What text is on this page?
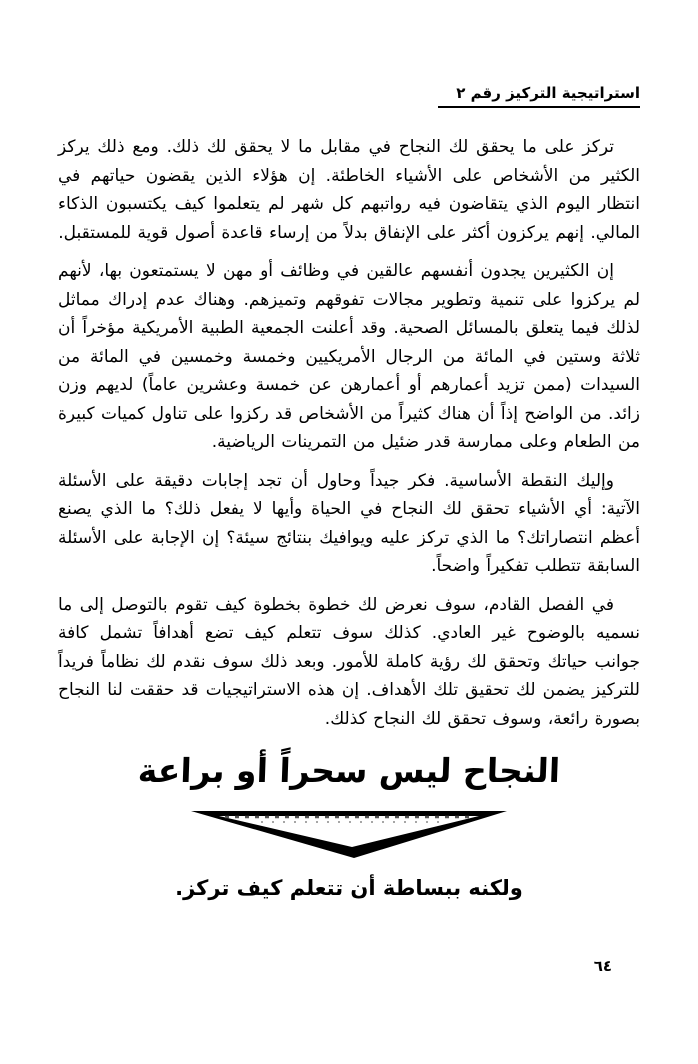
استراتيجية التركيز رقم ٢

تركز على ما يحقق لك النجاح في مقابل ما لا يحقق لك ذلك. ومع ذلك يركز الكثير من الأشخاص على الأشياء الخاطئة. إن هؤلاء الذين يقضون حياتهم في انتظار اليوم الذي يتقاضون فيه رواتبهم كل شهر لم يتعلموا كيف يكتسبون الذكاء المالي. إنهم يركزون أكثر على الإنفاق بدلاً من إرساء قاعدة أصول قوية للمستقبل.

إن الكثيرين يجدون أنفسهم عالقين في وظائف أو مهن لا يستمتعون بها، لأنهم لم يركزوا على تنمية وتطوير مجالات تفوقهم وتميزهم. وهناك عدم إدراك مماثل لذلك فيما يتعلق بالمسائل الصحية. وقد أعلنت الجمعية الطبية الأمريكية مؤخراً أن ثلاثة وستين في المائة من الرجال الأمريكيين وخمسة وخمسين في المائة من السيدات (ممن تزيد أعمارهم أو أعمارهن عن خمسة وعشرين عاماً) لديهم وزن زائد. من الواضح إذاً أن هناك كثيراً من الأشخاص قد ركزوا على تناول كميات كبيرة من الطعام وعلى ممارسة قدر ضئيل من التمرينات الرياضية.

وإليك النقطة الأساسية. فكر جيداً وحاول أن تجد إجابات دقيقة على الأسئلة الآتية: أي الأشياء تحقق لك النجاح في الحياة وأيها لا يفعل ذلك؟ ما الذي يصنع أعظم انتصاراتك؟ ما الذي تركز عليه ويوافيك بنتائج سيئة؟ إن الإجابة على الأسئلة السابقة تتطلب تفكيراً واضحاً.

في الفصل القادم، سوف نعرض لك خطوة بخطوة كيف تقوم بالتوصل إلى ما نسميه بالوضوح غير العادي. كذلك سوف تتعلم كيف تضع أهدافاً تشمل كافة جوانب حياتك وتحقق لك رؤية كاملة للأمور. وبعد ذلك سوف نقدم لك نظاماً فريداً للتركيز يضمن لك تحقيق تلك الأهداف. إن هذه الاستراتيجيات قد حققت لنا النجاح بصورة رائعة، وسوف تحقق لك النجاح كذلك.

النجاح ليس سحراً أو براعة
ولكنه ببساطة أن تتعلم كيف تركز.
٦٤
